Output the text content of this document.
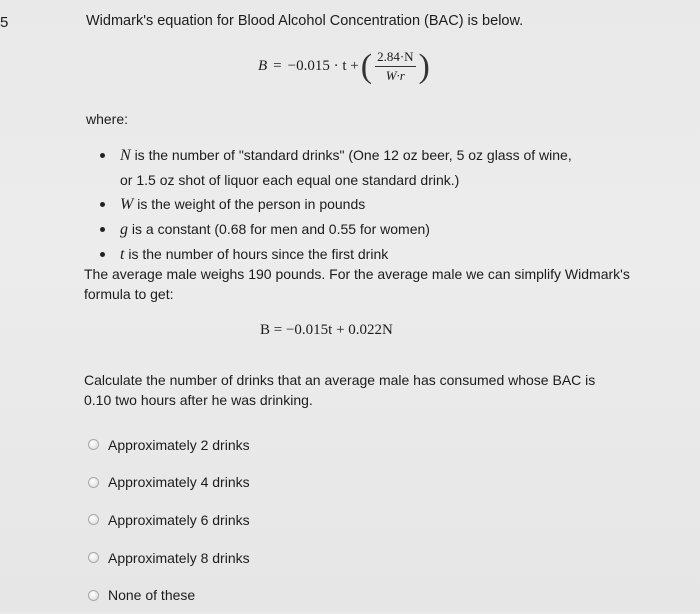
5	Widmark's equation for Blood Alcohol Concentration (BAC) is below.
B = −0.015 · t + ( $\frac{2.84\cdot N}{W\cdot r}$ )
where:
N is the number of "standard drinks" (One 12 oz beer, 5 oz glass of wine,
or 1.5 oz shot of liquor each equal one standard drink.)
W is the weight of the person in pounds
g is a constant (0.68 for men and 0.55 for women)
t is the number of hours since the first drink
The average male weighs 190 pounds. For the average male we can simplify Widmark's formula to get:
B = −0.015t + 0.022N
Calculate the number of drinks that an average male has consumed whose BAC is 0.10 two hours after he was drinking.
Approximately 2 drinks
Approximately 4 drinks
Approximately 6 drinks
Approximately 8 drinks
None of these
